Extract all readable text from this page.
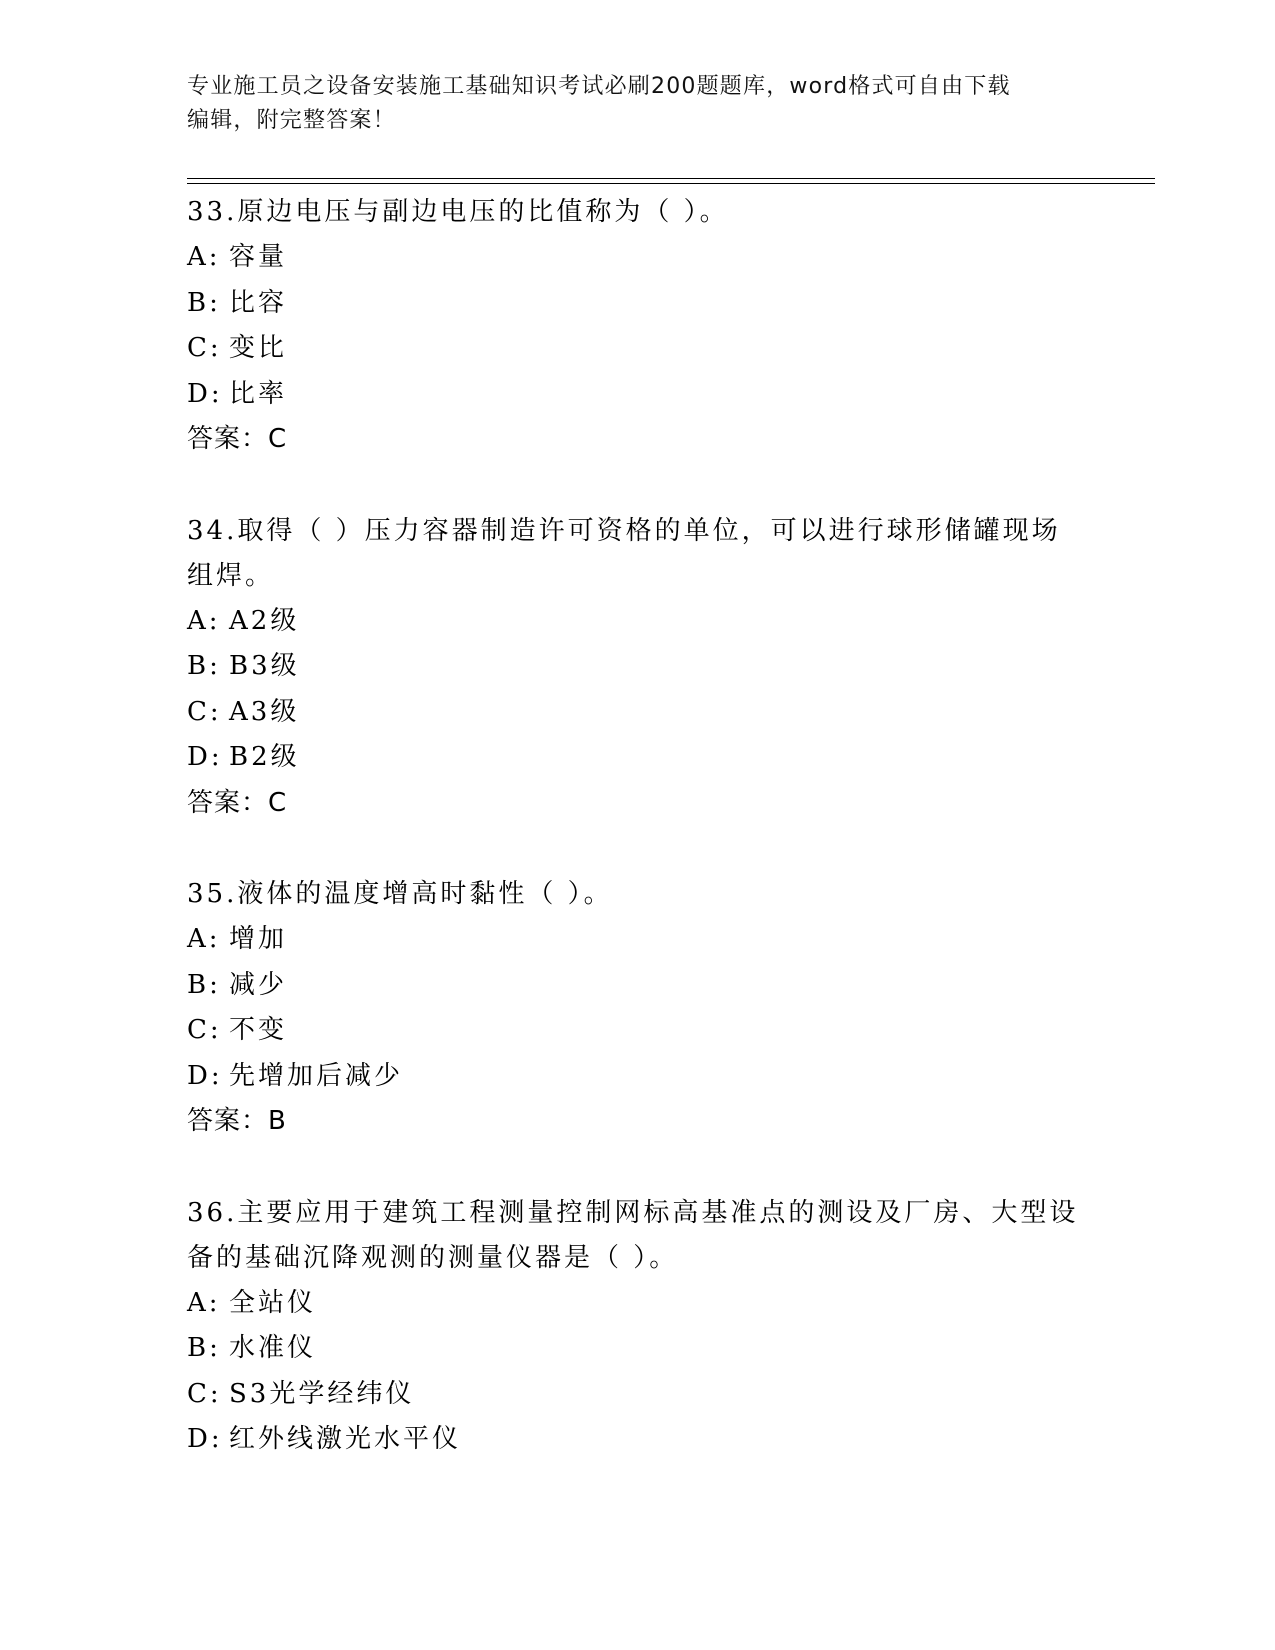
专业施工员之设备安装施工基础知识考试必刷200题题库，word格式可自由下载
编辑，附完整答案！

33.原边电压与副边电压的比值称为（ ）。

A: 容量

B: 比容

C: 变比

D: 比率

答案：C

34.取得（ ）压力容器制造许可资格的单位，可以进行球形储罐现场

组焊。

A: A2级

B: B3级

C: A3级

D: B2级

答案：C

35.液体的温度增高时黏性（ ）。

A: 增加

B: 减少

C: 不变

D: 先增加后减少

答案：B

36.主要应用于建筑工程测量控制网标高基准点的测设及厂房、大型设

备的基础沉降观测的测量仪器是（ ）。

A: 全站仪

B: 水准仪

C: S3光学经纬仪

D: 红外线激光水平仪
